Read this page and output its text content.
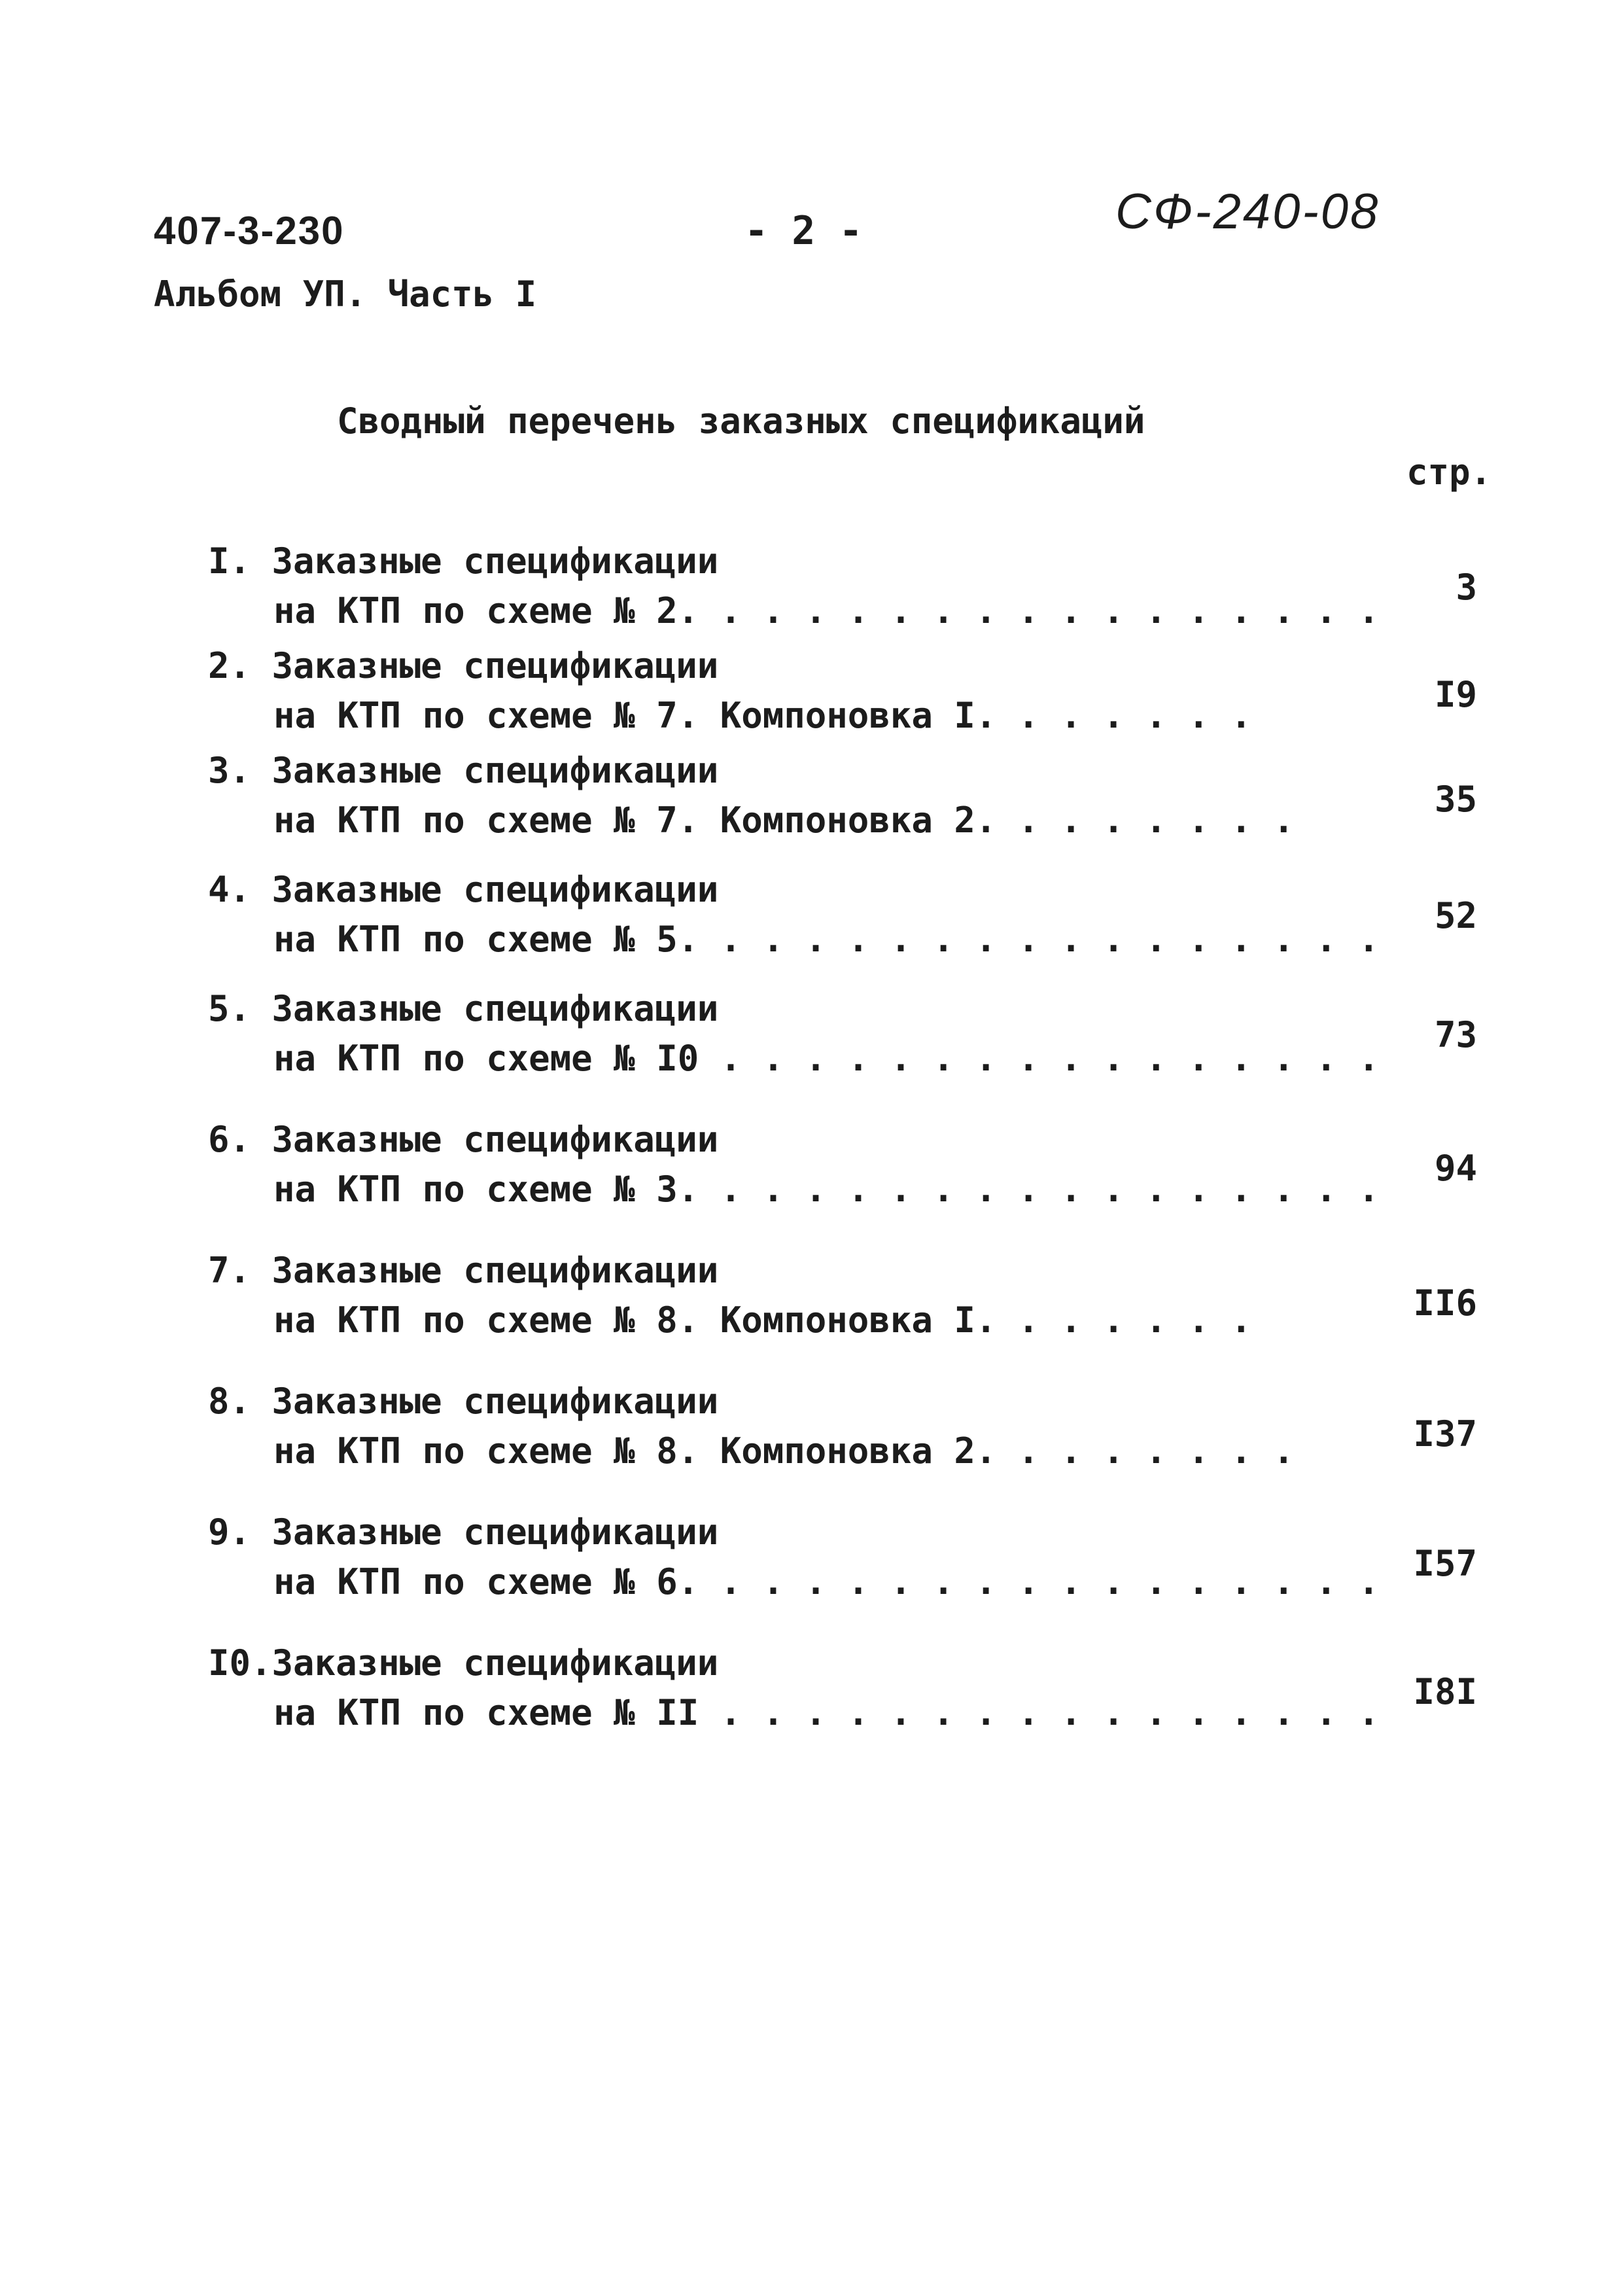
407-3-230	- 2 -	СФ-240-08
Альбом УП. Часть I
Сводный перечень заказных спецификаций
стр.
I. Заказные спецификации
на КТП по схеме № 2. . . . . . . . . . . . . . . . .
3
2. Заказные спецификации
на КТП по схеме № 7. Компоновка I. . . . . . .
I9
3. Заказные спецификации
на КТП по схеме № 7. Компоновка 2. . . . . . . .
35
4. Заказные спецификации
на КТП по схеме № 5. . . . . . . . . . . . . . . . .
52
5. Заказные спецификации
на КТП по схеме № I0 . . . . . . . . . . . . . . . .
73
6. Заказные спецификации
на КТП по схеме № 3. . . . . . . . . . . . . . . . .
94
7. Заказные спецификации
на КТП по схеме № 8. Компоновка I. . . . . . .	II6
8. Заказные спецификации
на КТП по схеме № 8. Компоновка 2. . . . . . . .	I37
9. Заказные спецификации
на КТП по схеме № 6. . . . . . . . . . . . . . . . . I57
I0.Заказные спецификации
на КТП по схеме № II . . . . . . . . . . . . . . . .
I8I
